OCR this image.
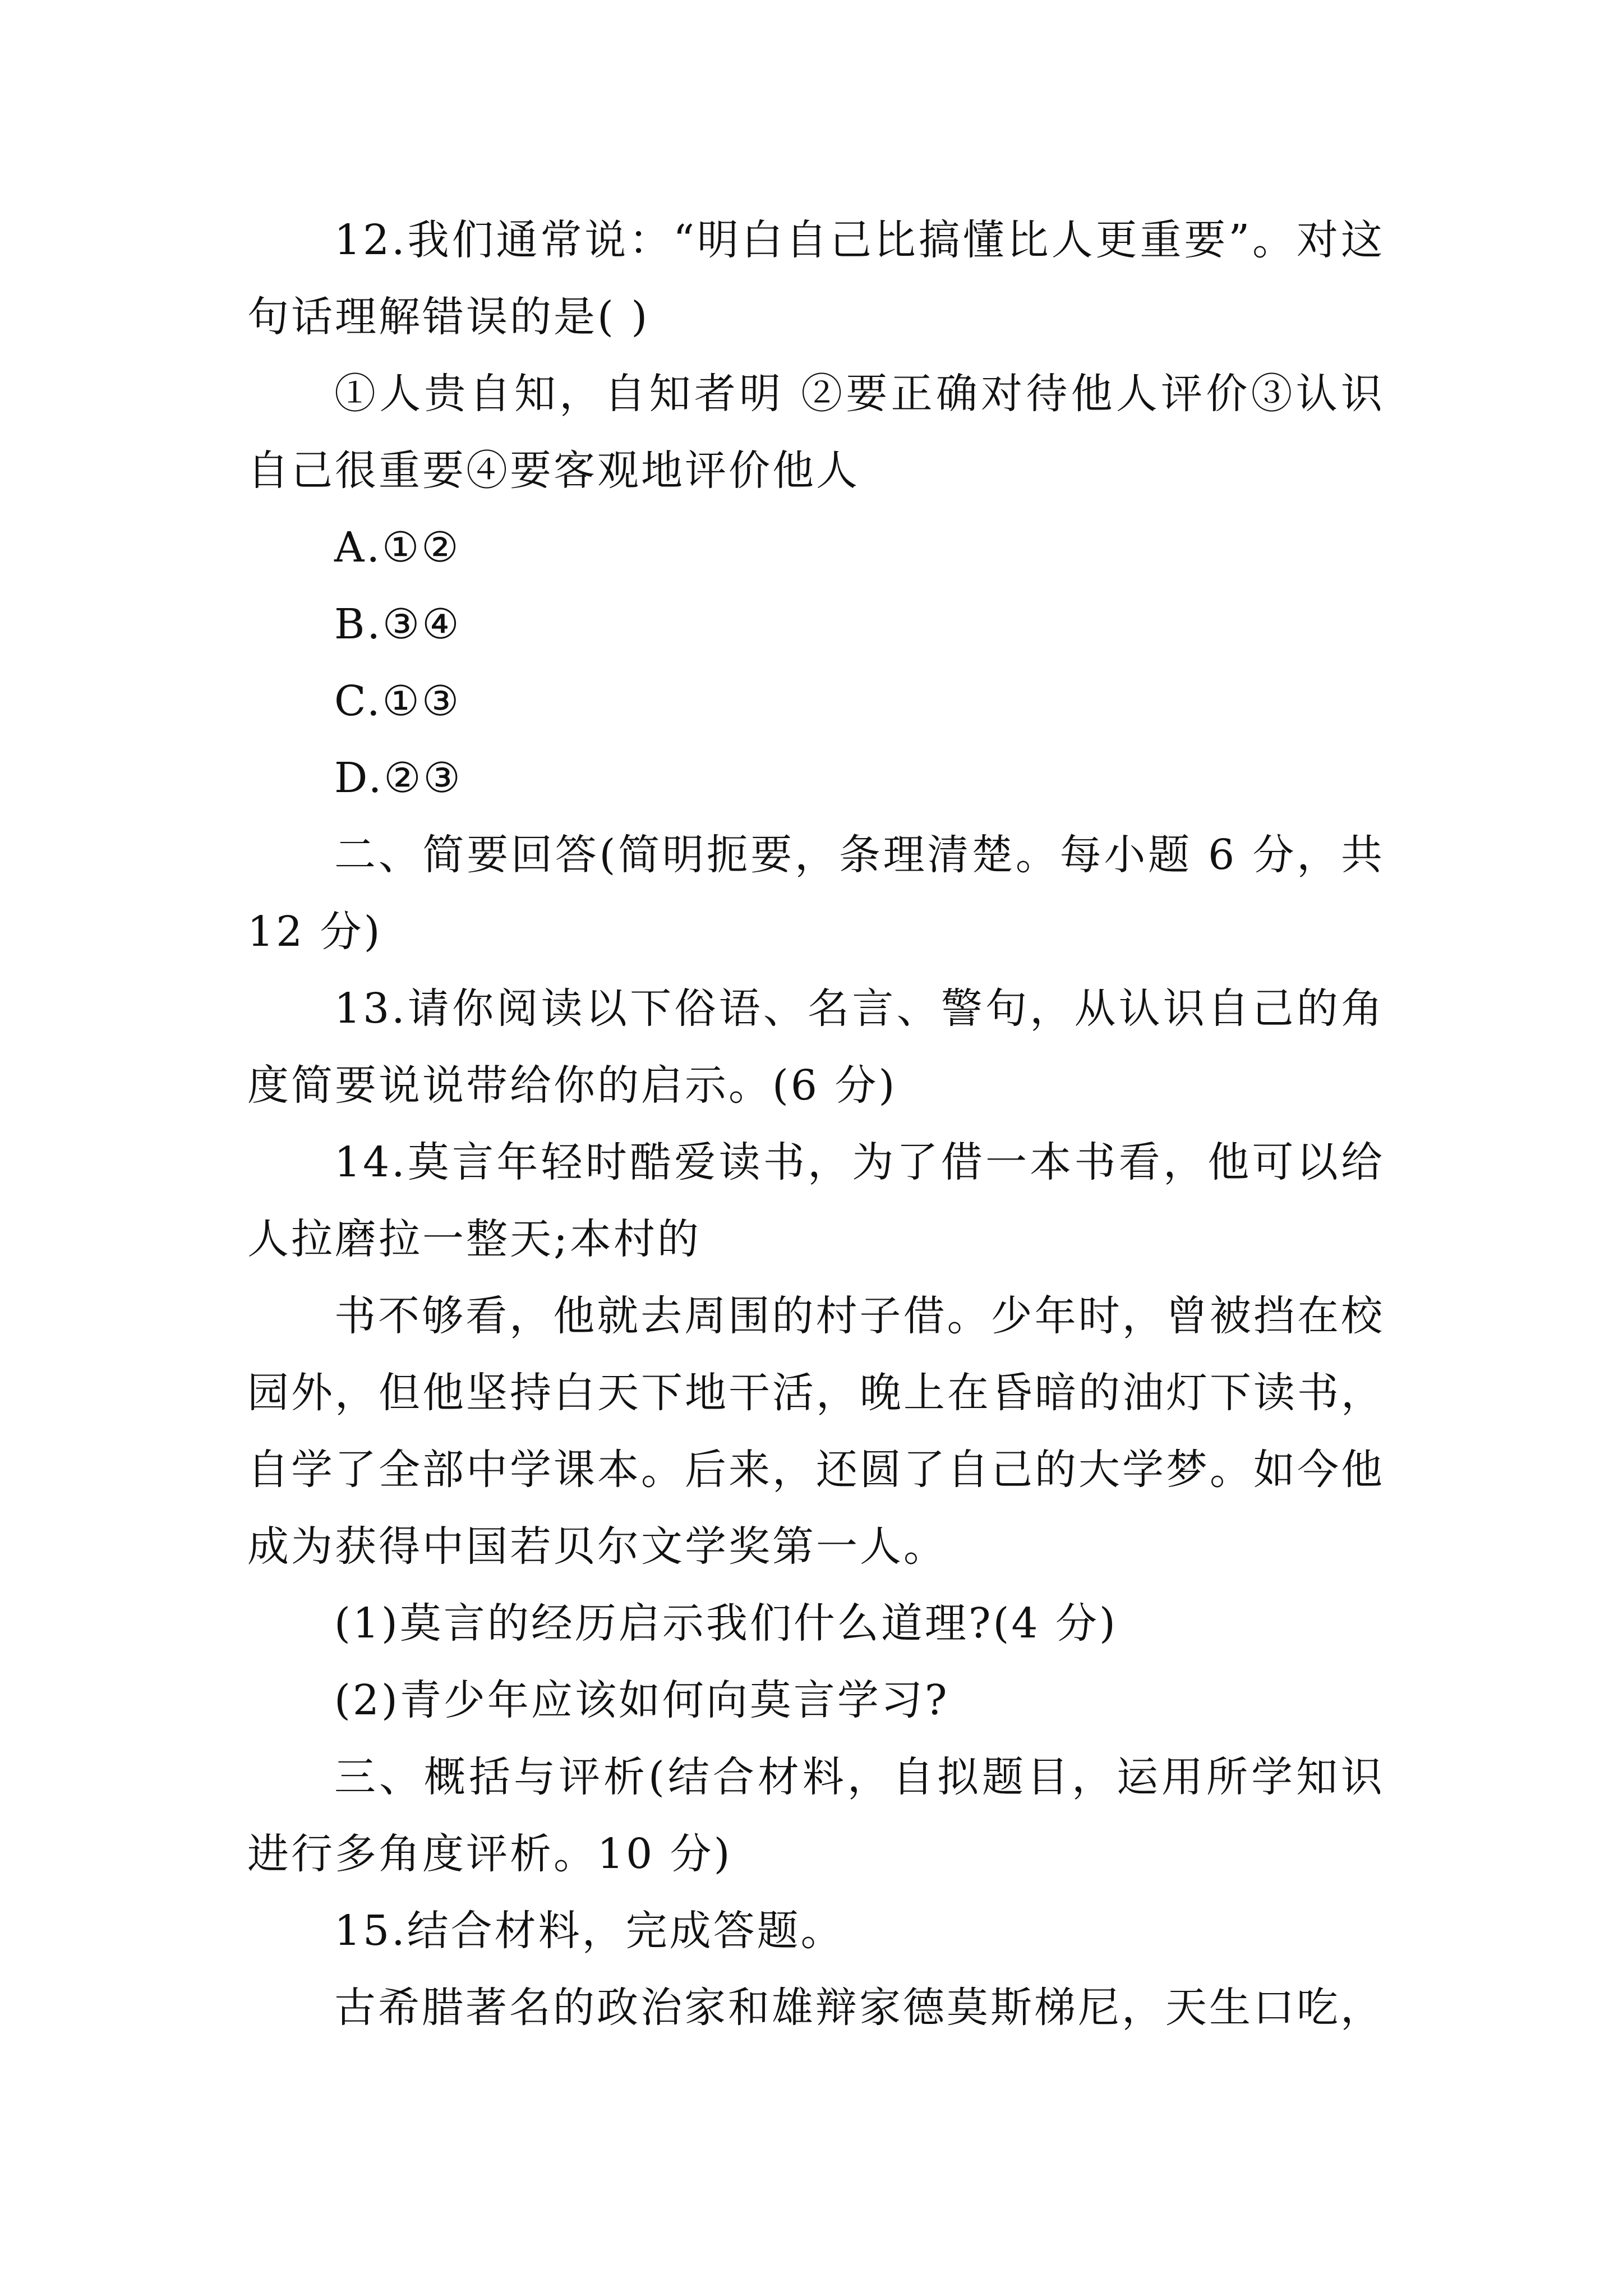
12.我们通常说：“明白自己比搞懂比人更重要”。对这句话理解错误的是( )

①人贵自知，自知者明 ②要正确对待他人评价③认识自己很重要④要客观地评价他人

A.①②

B.③④

C.①③

D.②③

二、简要回答(简明扼要，条理清楚。每小题 6 分，共 12 分)

13.请你阅读以下俗语、名言、警句，从认识自己的角度简要说说带给你的启示。(6 分)

14.莫言年轻时酷爱读书，为了借一本书看，他可以给人拉磨拉一整天;本村的

书不够看，他就去周围的村子借。少年时，曾被挡在校园外，但他坚持白天下地干活，晚上在昏暗的油灯下读书，自学了全部中学课本。后来，还圆了自己的大学梦。如今他成为获得中国若贝尔文学奖第一人。

(1)莫言的经历启示我们什么道理?(4 分)

(2)青少年应该如何向莫言学习?

三、概括与评析(结合材料，自拟题目，运用所学知识进行多角度评析。10 分)

15.结合材料，完成答题。

古希腊著名的政治家和雄辩家德莫斯梯尼，天生口吃，
